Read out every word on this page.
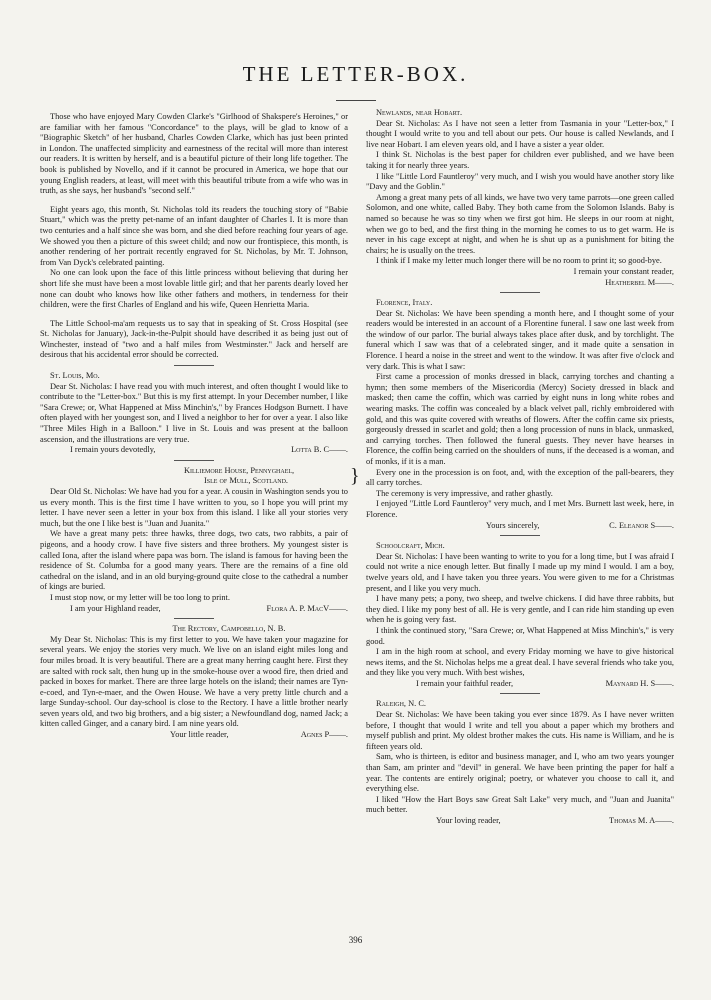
THE LETTER-BOX.

Those who have enjoyed Mary Cowden Clarke's "Girlhood of Shakspere's Heroines," or are familiar with her famous "Concordance" to the plays, will be glad to know of a "Biographic Sketch" of her husband, Charles Cowden Clarke, which has just been printed in London. The unaffected simplicity and earnestness of the recital will more than interest our readers. It is written by herself, and is a beautiful picture of their long life together. The book is published by Novello, and if it cannot be procured in America, we hope that our young English readers, at least, will meet with this beautiful tribute from a wife who was in truth, as she says, her husband's "second self."

Eight years ago, this month, St. Nicholas told its readers the touching story of "Babie Stuart," which was the pretty pet-name of an infant daughter of Charles I. It is more than two centuries and a half since she was born, and she died before reaching four years of age. We showed you then a picture of this sweet child; and now our frontispiece, this month, is another rendering of her portrait recently engraved for St. Nicholas, by Mr. T. Johnson, from Van Dyck's celebrated painting.

No one can look upon the face of this little princess without believing that during her short life she must have been a most lovable little girl; and that her parents dearly loved her none can doubt who knows how like other fathers and mothers, in tenderness for their children, were the first Charles of England and his wife, Queen Henrietta Maria.

The Little School-ma'am requests us to say that in speaking of St. Cross Hospital (see St. Nicholas for January), Jack-in-the-Pulpit should have described it as being just out of Winchester, instead of "two and a half miles from Westminster." Jack and herself are desirous that his accidental error should be corrected.

St. Louis, Mo.

Dear St. Nicholas: I have read you with much interest, and often thought I would like to contribute to the "Letter-box." But this is my first attempt. In your December number, I like "Sara Crewe; or, What Happened at Miss Minchin's," by Frances Hodgson Burnett. I have often played with her youngest son, and I lived a neighbor to her for over a year. I also like "Three Miles High in a Balloon." I live in St. Louis and was present at the balloon ascension, and the illustrations are very true.

I remain yours devotedly,	Lotta B. C——.

Killiemore House, Pennyghael,
Isle of Mull, Scotland.	}

Dear Old St. Nicholas: We have had you for a year. A cousin in Washington sends you to us every month. This is the first time I have written to you, so I hope you will print my letter. I have never seen a letter in your box from this island. I like all your stories very much, but the one I like best is "Juan and Juanita."

We have a great many pets: three hawks, three dogs, two cats, two rabbits, a pair of pigeons, and a hoody crow. I have five sisters and three brothers. My youngest sister is called Iona, after the island where papa was born. The island is famous for having been the residence of St. Columba for a good many years. There are the remains of a fine old cathedral on the island, and in an old burying-ground quite close to the cathedral a number of kings are buried.

I must stop now, or my letter will be too long to print.

I am your Highland reader,	Flora A. P. MacV——.

The Rectory, Campobello, N. B.

My Dear St. Nicholas: This is my first letter to you. We have taken your magazine for several years. We enjoy the stories very much. We live on an island eight miles long and four miles broad. It is very beautiful. There are a great many herring caught here. First they are salted with rock salt, then hung up in the smoke-house over a wood fire, then dried and packed in boxes for market. There are three large hotels on the island; their names are Tyn-e-coed, and Tyn-e-maer, and the Owen House. We have a very pretty little church and a large Sunday-school. Our day-school is close to the Rectory. I have a little brother nearly seven years old, and two big brothers, and a big sister; a Newfoundland dog, named Jack; a kitten called Ginger, and a canary bird. I am nine years old.

Your little reader,	Agnes P——.

Newlands, near Hobart.

Dear St. Nicholas: As I have not seen a letter from Tasmania in your "Letter-box," I thought I would write to you and tell about our pets. Our house is called Newlands, and I live near Hobart. I am eleven years old, and I have a sister a year older.

I think St. Nicholas is the best paper for children ever published, and we have been taking it for nearly three years.

I like "Little Lord Fauntleroy" very much, and I wish you would have another story like "Davy and the Goblin."

Among a great many pets of all kinds, we have two very tame parrots—one green called Solomon, and one white, called Baby. They both came from the Solomon Islands. Baby is named so because he was so tiny when we first got him. He sleeps in our room at night, when we go to bed, and the first thing in the morning he comes to us to get warm. He is never in his cage except at night, and when he is shut up as a punishment for biting the chairs; he is usually on the trees.

I think if I make my letter much longer there will be no room to print it; so good-bye.

I remain your constant reader,

Heatherbel M——.

Florence, Italy.

Dear St. Nicholas: We have been spending a month here, and I thought some of your readers would be interested in an account of a Florentine funeral. I saw one last week from the window of our parlor. The burial always takes place after dusk, and by torchlight. The funeral which I saw was that of a celebrated singer, and it made quite a sensation in Florence. I heard a noise in the street and went to the window. It was after five o'clock and very dark. This is what I saw:

First came a procession of monks dressed in black, carrying torches and chanting a hymn; then some members of the Misericordia (Mercy) Society dressed in black and masked; then came the coffin, which was carried by eight nuns in long white robes and wearing masks. The coffin was concealed by a black velvet pall, richly embroidered with gold, and this was quite covered with wreaths of flowers. After the coffin came six priests, gorgeously dressed in scarlet and gold; then a long procession of nuns in black, unmasked, and carrying torches. Then followed the funeral guests. They never have hearses in Florence, the coffin being carried on the shoulders of nuns, if the deceased is a woman, and of monks, if it is a man.

Every one in the procession is on foot, and, with the exception of the pall-bearers, they all carry torches.

The ceremony is very impressive, and rather ghastly.

I enjoyed "Little Lord Fauntleroy" very much, and I met Mrs. Burnett last week, here, in Florence.

Yours sincerely,	C. Eleanor S——.

Schoolcraft, Mich.

Dear St. Nicholas: I have been wanting to write to you for a long time, but I was afraid I could not write a nice enough letter. But finally I made up my mind I would. I am a boy, twelve years old, and I have taken you three years. You were given to me for a Christmas present, and I like you very much.

I have many pets; a pony, two sheep, and twelve chickens. I did have three rabbits, but they died. I like my pony best of all. He is very gentle, and I can ride him standing up even when he is going very fast.

I think the continued story, "Sara Crewe; or, What Happened at Miss Minchin's," is very good.

I am in the high room at school, and every Friday morning we have to give historical news items, and the St. Nicholas helps me a great deal. I have several friends who take you, and they like you very much. With best wishes,

I remain your faithful reader,	Maynard H. S——.

Raleigh, N. C.

Dear St. Nicholas: We have been taking you ever since 1879. As I have never written before, I thought that would I write and tell you about a paper which my brothers and myself publish and print. My oldest brother makes the cuts. His name is William, and he is fifteen years old.

Sam, who is thirteen, is editor and business manager, and I, who am two years younger than Sam, am printer and "devil" in general. We have been printing the paper for half a year. The contents are entirely original; poetry, or whatever you choose to call it, and everything else.

I liked "How the Hart Boys saw Great Salt Lake" very much, and "Juan and Juanita" much better.

Your loving reader,	Thomas M. A——.

396
